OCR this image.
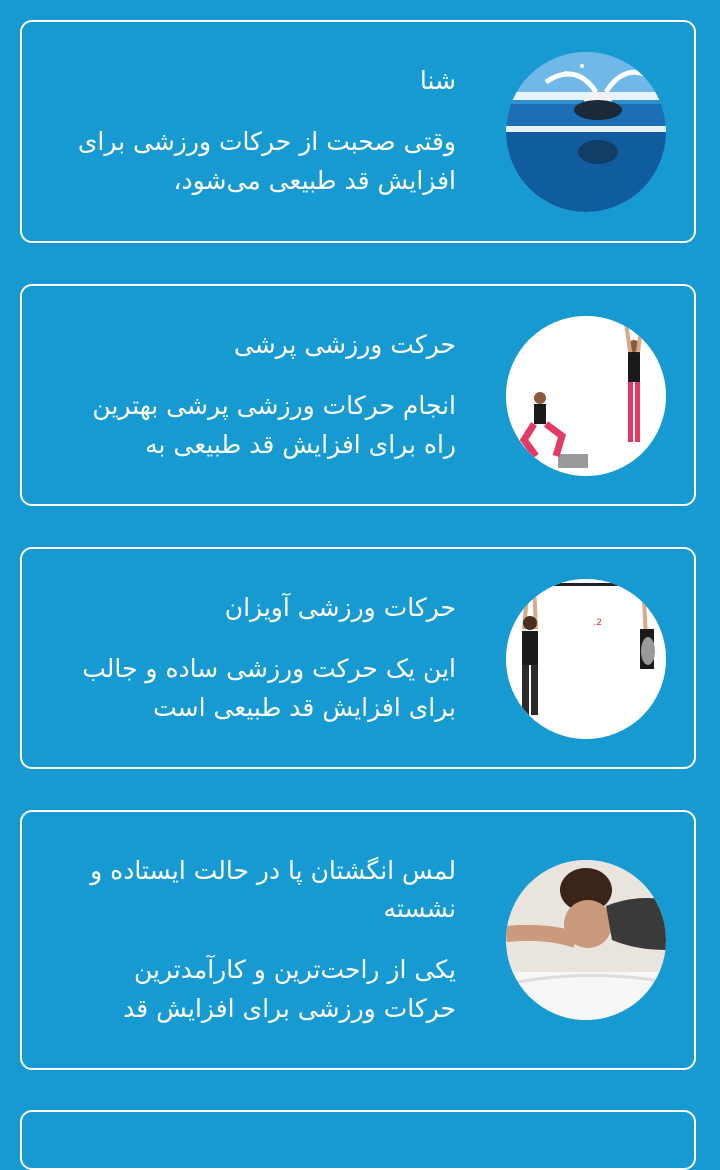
شنا

وقتی صحبت از حرکات ورزشی برای افزایش قد طبیعی می‌شود،

حرکت ورزشی پرشی

انجام حرکات ورزشی پرشی بهترین راه برای افزایش قد طبیعی به

2.
حرکات ورزشی آویزان

این یک حرکت ورزشی ساده و جالب برای افزایش قد طبیعی است

لمس انگشتان پا در حالت ایستاده و نشسته

یکی از راحت‌ترین و کارآمدترین حرکات ورزشی برای افزایش قد
